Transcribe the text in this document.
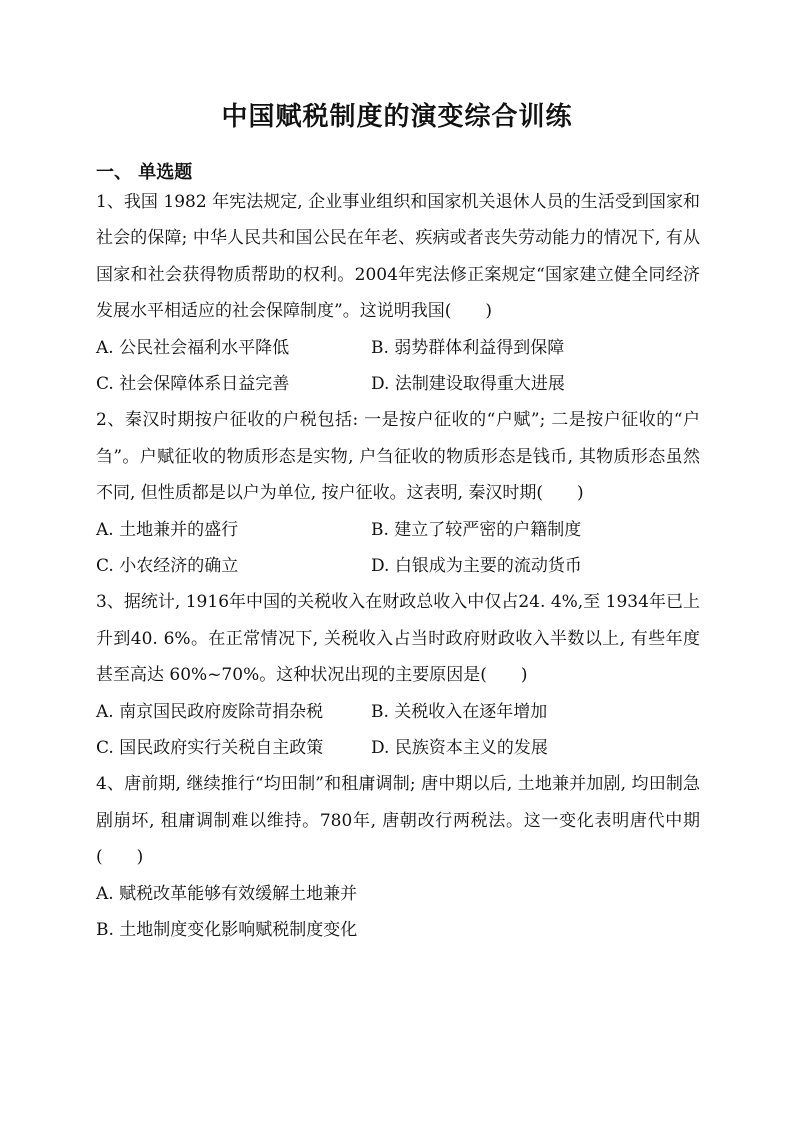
中国赋税制度的演变综合训练
一、 单选题

1、我国 1982 年宪法规定, 企业事业组织和国家机关退休人员的生活受到国家和社会的保障; 中华人民共和国公民在年老、疾病或者丧失劳动能力的情况下, 有从国家和社会获得物质帮助的权利。2004年宪法修正案规定“国家建立健全同经济发展水平相适应的社会保障制度”。这说明我国(　　)

A. 公民社会福利水平降低	B. 弱势群体利益得到保障
C. 社会保障体系日益完善	D. 法制建设取得重大进展

2、秦汉时期按户征收的户税包括: 一是按户征收的“户赋”; 二是按户征收的“户刍”。户赋征收的物质形态是实物, 户刍征收的物质形态是钱币, 其物质形态虽然不同, 但性质都是以户为单位, 按户征收。这表明, 秦汉时期(　　)

A. 土地兼并的盛行	B. 建立了较严密的户籍制度
C. 小农经济的确立	D. 白银成为主要的流动货币

3、据统计, 1916年中国的关税收入在财政总收入中仅占24. 4%,至 1934年已上升到40. 6%。在正常情况下, 关税收入占当时政府财政收入半数以上, 有些年度甚至高达 60%~70%。这种状况出现的主要原因是(　　)

A. 南京国民政府废除苛捐杂税	B. 关税收入在逐年增加
C. 国民政府实行关税自主政策	D. 民族资本主义的发展

4、唐前期, 继续推行“均田制”和租庸调制; 唐中期以后, 土地兼并加剧, 均田制急剧崩坏, 租庸调制难以维持。780年, 唐朝改行两税法。这一变化表明唐代中期(　　)

A. 赋税改革能够有效缓解土地兼并
B. 土地制度变化影响赋税制度变化
